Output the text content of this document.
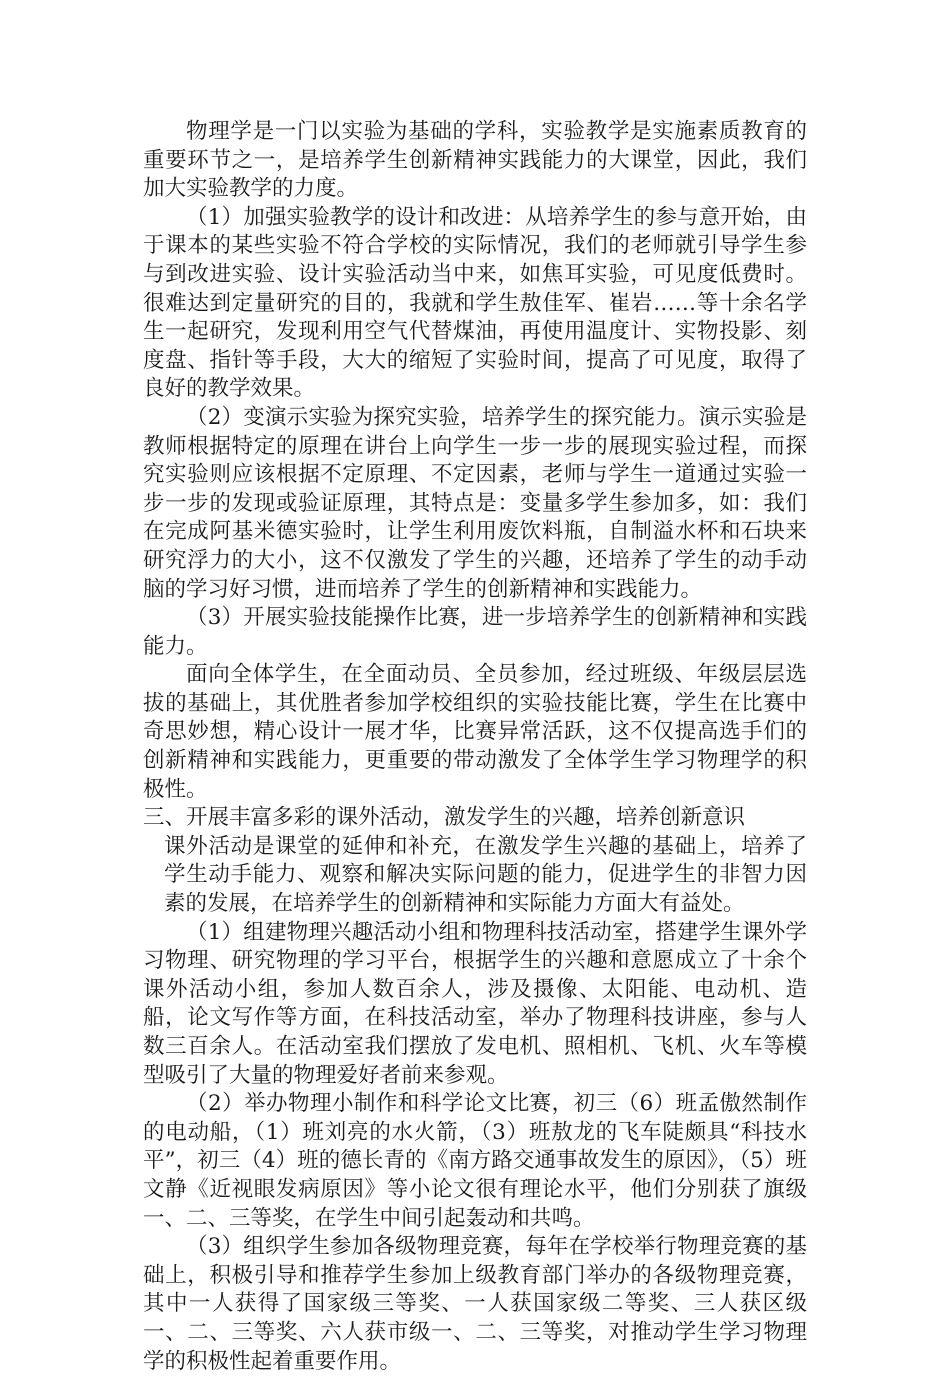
物理学是一门以实验为基础的学科，实验教学是实施素质教育的重要环节之一，是培养学生创新精神实践能力的大课堂，因此，我们加大实验教学的力度。

（1）加强实验教学的设计和改进：从培养学生的参与意开始，由于课本的某些实验不符合学校的实际情况，我们的老师就引导学生参与到改进实验、设计实验活动当中来，如焦耳实验，可见度低费时。很难达到定量研究的目的，我就和学生敖佳军、崔岩……等十余名学生一起研究，发现利用空气代替煤油，再使用温度计、实物投影、刻度盘、指针等手段，大大的缩短了实验时间，提高了可见度，取得了良好的教学效果。

（2）变演示实验为探究实验，培养学生的探究能力。演示实验是教师根据特定的原理在讲台上向学生一步一步的展现实验过程，而探究实验则应该根据不定原理、不定因素，老师与学生一道通过实验一步一步的发现或验证原理，其特点是：变量多学生参加多，如：我们在完成阿基米德实验时，让学生利用废饮料瓶，自制溢水杯和石块来研究浮力的大小，这不仅激发了学生的兴趣，还培养了学生的动手动脑的学习好习惯，进而培养了学生的创新精神和实践能力。

（3）开展实验技能操作比赛，进一步培养学生的创新精神和实践能力。

面向全体学生，在全面动员、全员参加，经过班级、年级层层选拔的基础上，其优胜者参加学校组织的实验技能比赛，学生在比赛中奇思妙想，精心设计一展才华，比赛异常活跃，这不仅提高选手们的创新精神和实践能力，更重要的带动激发了全体学生学习物理学的积极性。

三、开展丰富多彩的课外活动，激发学生的兴趣，培养创新意识

课外活动是课堂的延伸和补充，在激发学生兴趣的基础上，培养了学生动手能力、观察和解决实际问题的能力，促进学生的非智力因素的发展，在培养学生的创新精神和实际能力方面大有益处。

（1）组建物理兴趣活动小组和物理科技活动室，搭建学生课外学习物理、研究物理的学习平台，根据学生的兴趣和意愿成立了十余个课外活动小组，参加人数百余人，涉及摄像、太阳能、电动机、造船，论文写作等方面，在科技活动室，举办了物理科技讲座，参与人数三百余人。在活动室我们摆放了发电机、照相机、飞机、火车等模型吸引了大量的物理爱好者前来参观。

（2）举办物理小制作和科学论文比赛，初三（6）班孟傲然制作的电动船，（1）班刘亮的水火箭，（3）班敖龙的飞车陡颇具“科技水平”，初三（4）班的德长青的《南方路交通事故发生的原因》，（5）班文静《近视眼发病原因》等小论文很有理论水平，他们分别获了旗级一、二、三等奖，在学生中间引起轰动和共鸣。

（3）组织学生参加各级物理竞赛，每年在学校举行物理竞赛的基础上，积极引导和推荐学生参加上级教育部门举办的各级物理竞赛，其中一人获得了国家级三等奖、一人获国家级二等奖、三人获区级一、二、三等奖、六人获市级一、二、三等奖，对推动学生学习物理学的积极性起着重要作用。
